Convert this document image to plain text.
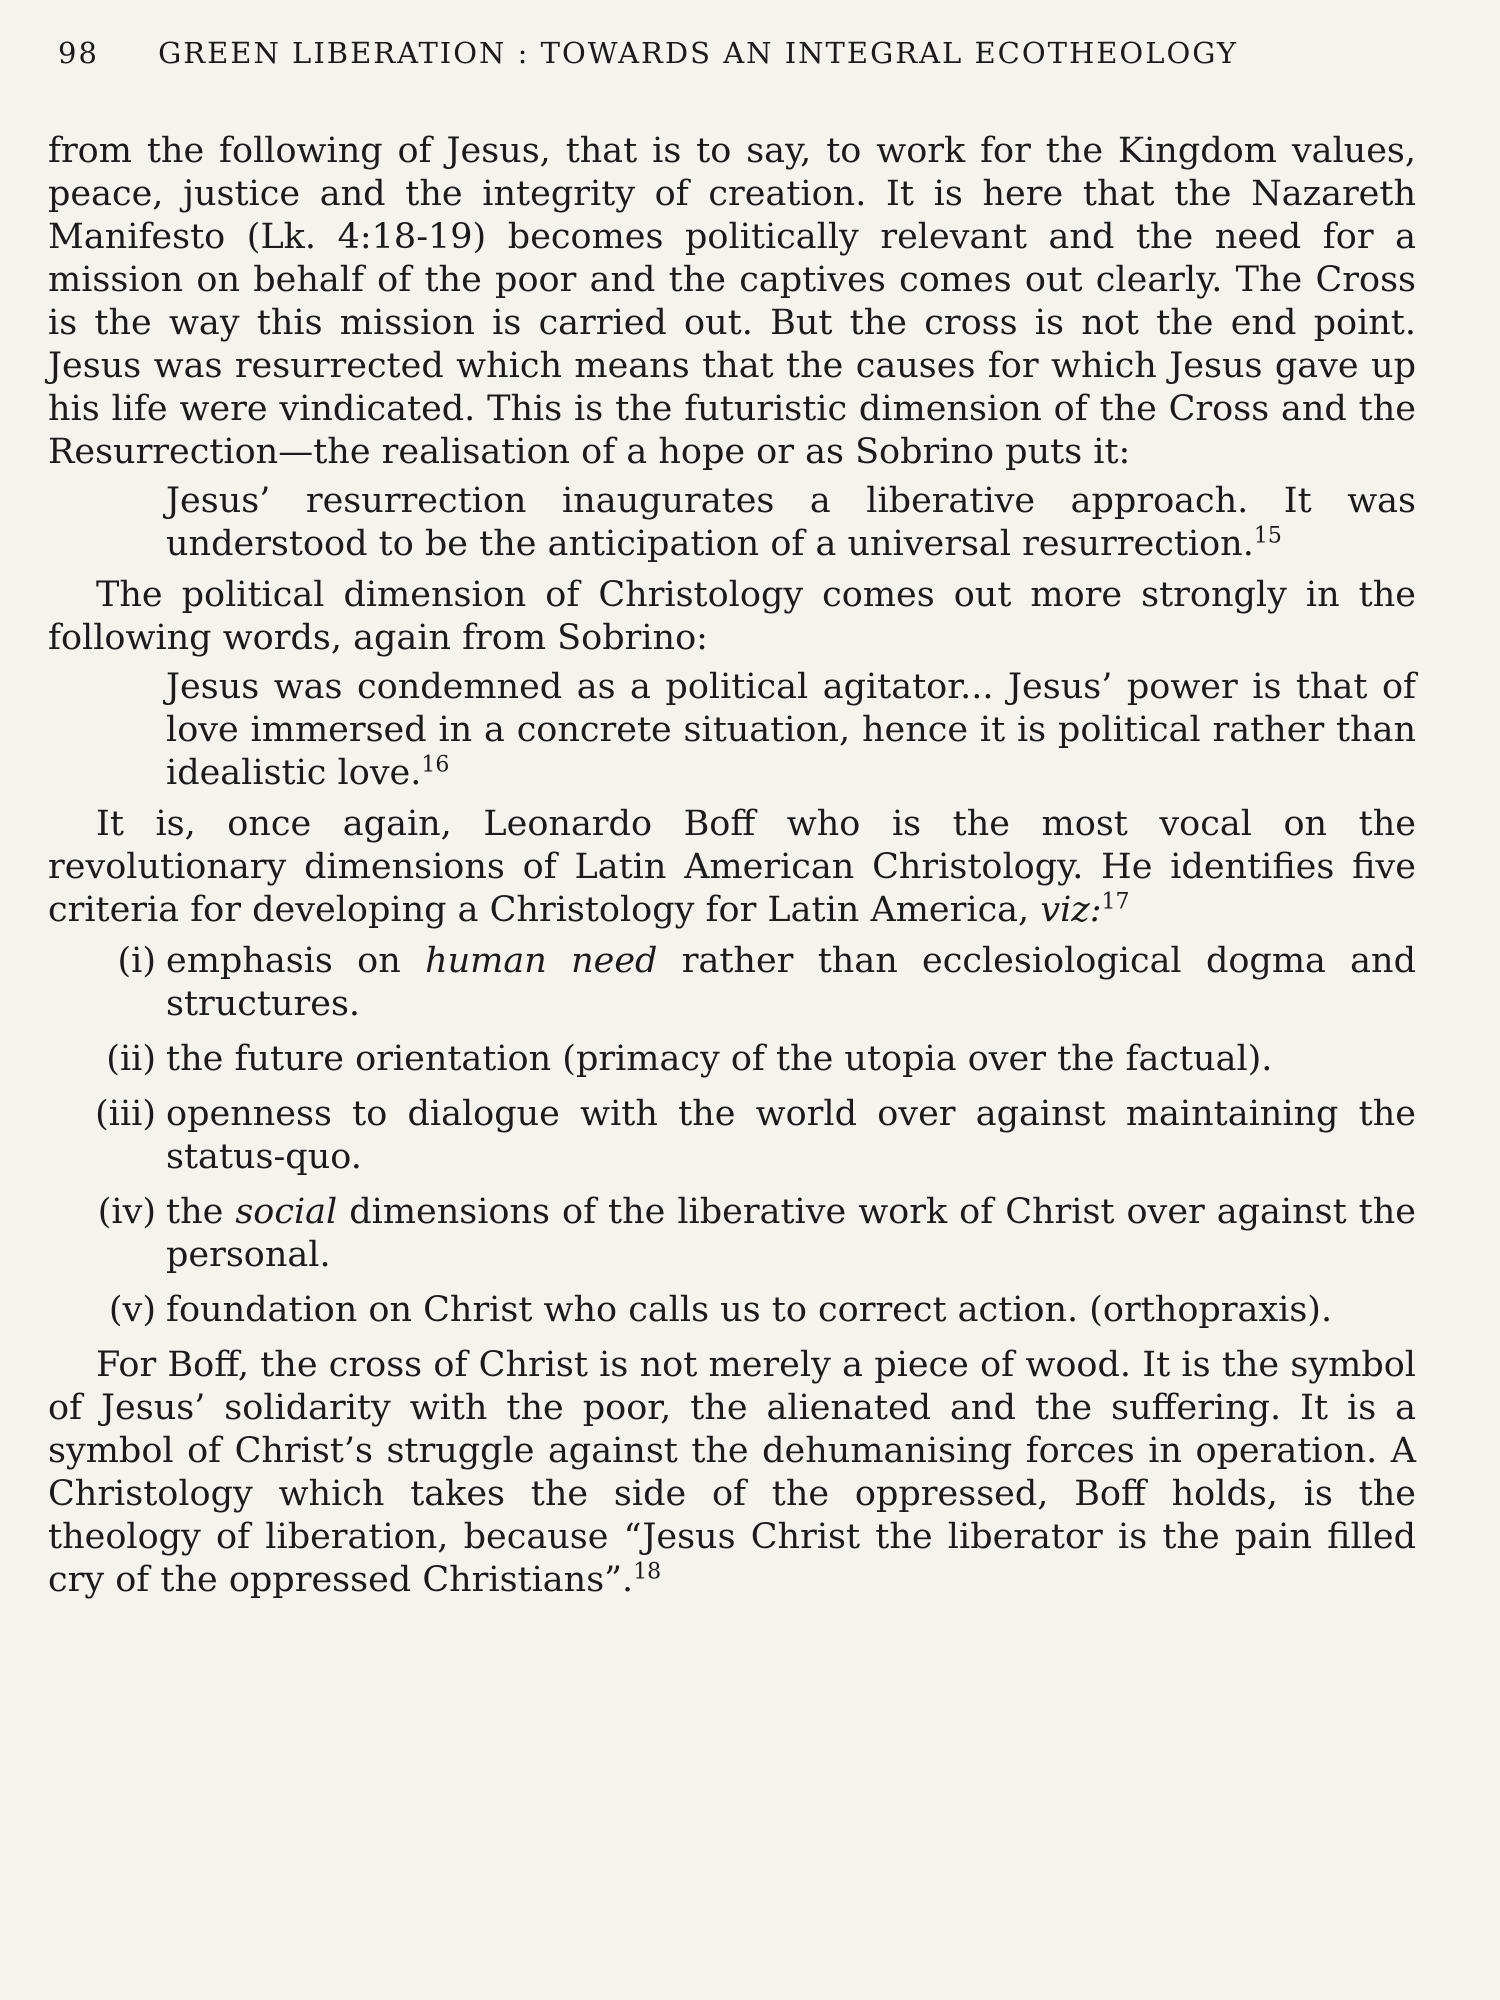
98 GREEN LIBERATION : TOWARDS AN INTEGRAL ECOTHEOLOGY

from the following of Jesus, that is to say, to work for the Kingdom values, peace, justice and the integrity of creation. It is here that the Nazareth Manifesto (Lk. 4:18-19) becomes politically relevant and the need for a mission on behalf of the poor and the captives comes out clearly. The Cross is the way this mission is carried out. But the cross is not the end point. Jesus was resurrected which means that the causes for which Jesus gave up his life were vindicated. This is the futuristic dimension of the Cross and the Resurrection—the realisation of a hope or as Sobrino puts it:

Jesus’ resurrection inaugurates a liberative approach. It was understood to be the anticipation of a universal resurrection.$^{15}$

The political dimension of Christology comes out more strongly in the following words, again from Sobrino:

Jesus was condemned as a political agitator... Jesus’ power is that of love immersed in a concrete situation, hence it is political rather than idealistic love.$^{16}$

It is, once again, Leonardo Boff who is the most vocal on the revolutionary dimensions of Latin American Christology. He identifies five criteria for developing a Christology for Latin America, viz:$^{17}$

(i) emphasis on human need rather than ecclesiological dogma and structures.
(ii) the future orientation (primacy of the utopia over the factual).
(iii) openness to dialogue with the world over against maintaining the status-quo.
(iv) the social dimensions of the liberative work of Christ over against the personal.
(v) foundation on Christ who calls us to correct action. (orthopraxis).

For Boff, the cross of Christ is not merely a piece of wood. It is the symbol of Jesus’ solidarity with the poor, the alienated and the suffering. It is a symbol of Christ’s struggle against the dehumanising forces in operation. A Christology which takes the side of the oppressed, Boff holds, is the theology of liberation, because “Jesus Christ the liberator is the pain filled cry of the oppressed Christians”.$^{18}$
